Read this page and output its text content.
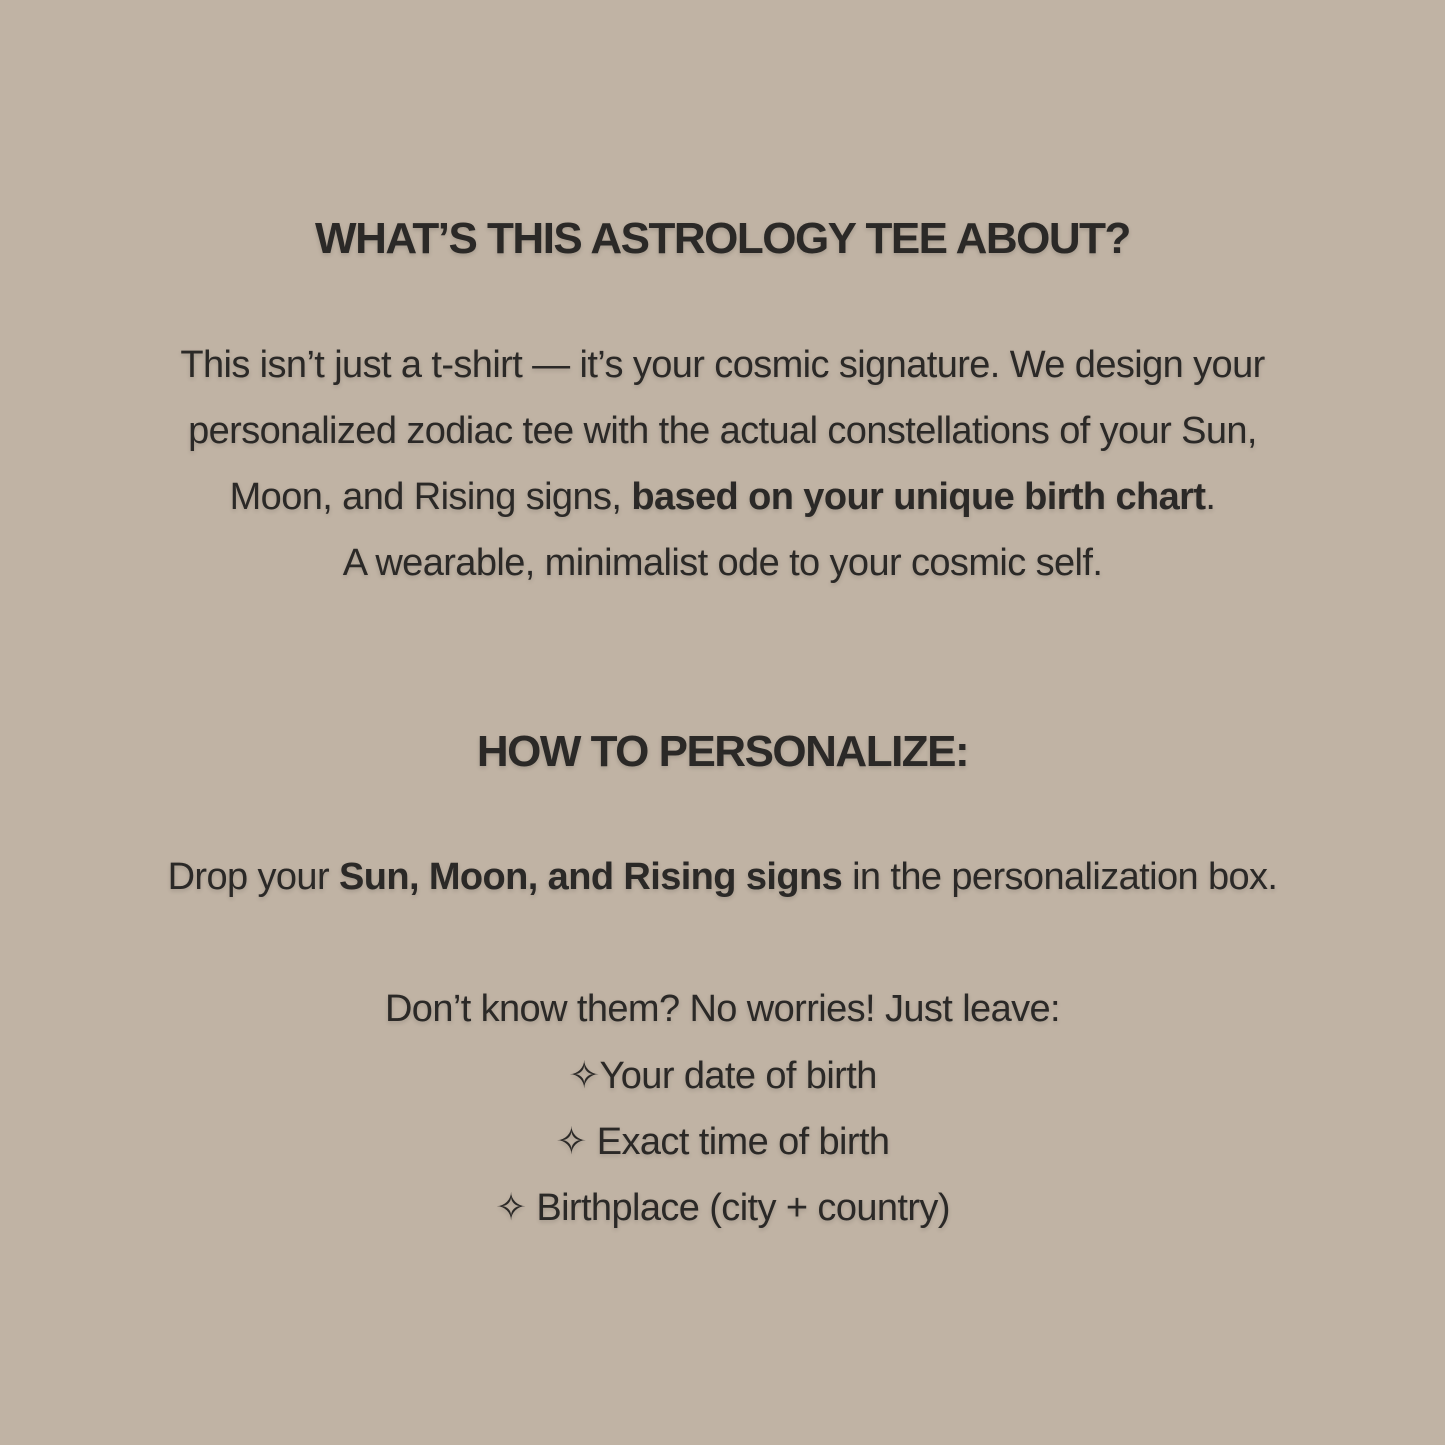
WHAT’S THIS ASTROLOGY TEE ABOUT?
This isn’t just a t-shirt — it’s your cosmic signature. We design your
personalized zodiac tee with the actual constellations of your Sun,
Moon, and Rising signs, based on your unique birth chart.
A wearable, minimalist ode to your cosmic self.
HOW TO PERSONALIZE:
Drop your Sun, Moon, and Rising signs in the personalization box.
Don’t know them? No worries! Just leave:
✧Your date of birth
✧ Exact time of birth
✧ Birthplace (city + country)
